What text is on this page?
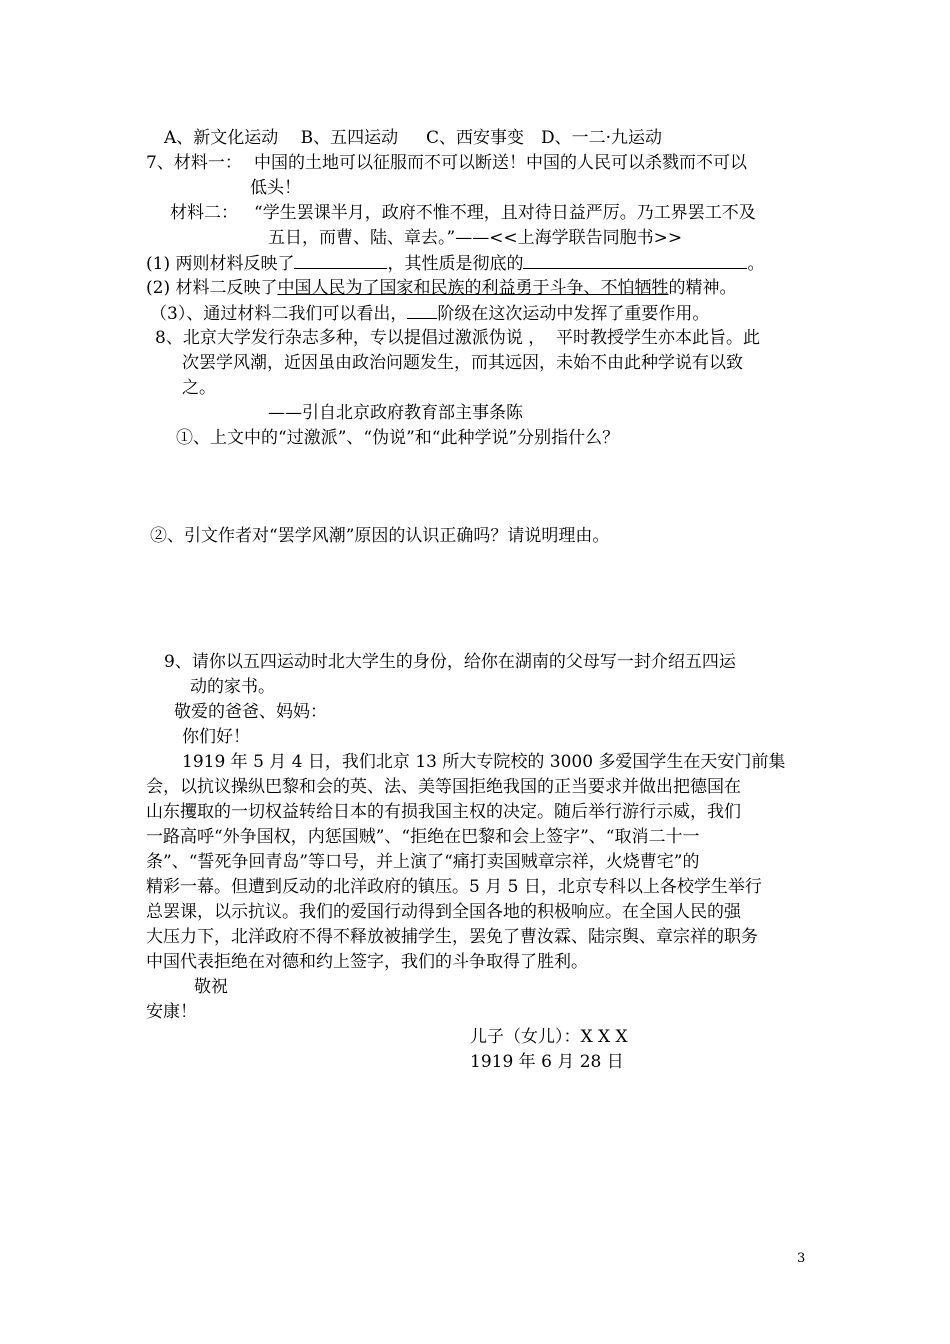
A、新文化运动　 B、五四运动　  C、西安事变　D、一二·九运动
7、材料一： 中国的土地可以征服而不可以断送！中国的人民可以杀戮而不可以
低头！
材料二： “学生罢课半月，政府不惟不理，且对待日益严厉。乃工界罢工不及
五日，而曹、陆、章去。”——<<上海学联告同胞书>>
(1) 两则材料反映了	，其性质是彻底的	。
(2) 材料二反映了中国人民为了国家和民族的利益勇于斗争、不怕牺牲的精神。
（3）、通过材料二我们可以看出， 阶级在这次运动中发挥了重要作用。
8、北京大学发行杂志多种，专以提倡过激派伪说 ，  平时教授学生亦本此旨。此
次罢学风潮，近因虽由政治问题发生，而其远因，未始不由此种学说有以致
之。
——引自北京政府教育部主事条陈
①、上文中的“过激派”、“伪说”和“此种学说”分别指什么？
②、引文作者对“罢学风潮”原因的认识正确吗？请说明理由。
9、请你以五四运动时北大学生的身份，给你在湖南的父母写一封介绍五四运
动的家书。
敬爱的爸爸、妈妈：
你们好！
1919 年 5 月 4 日，我们北京 13 所大专院校的 3000 多爱国学生在天安门前集
会，以抗议操纵巴黎和会的英、法、美等国拒绝我国的正当要求并做出把德国在
山东攫取的一切权益转给日本的有损我国主权的决定。随后举行游行示威，我们
一路高呼“外争国权，内惩国贼”、“拒绝在巴黎和会上签字”、“取消二十一
条”、“誓死争回青岛”等口号，并上演了“痛打卖国贼章宗祥，火烧曹宅”的
精彩一幕。但遭到反动的北洋政府的镇压。5 月 5 日，北京专科以上各校学生举行
总罢课，以示抗议。我们的爱国行动得到全国各地的积极响应。在全国人民的强
大压力下，北洋政府不得不释放被捕学生，罢免了曹汝霖、陆宗舆、章宗祥的职务
中国代表拒绝在对德和约上签字，我们的斗争取得了胜利。
敬祝
安康！
儿子（女儿）：X X X
1919 年 6 月 28 日
3
